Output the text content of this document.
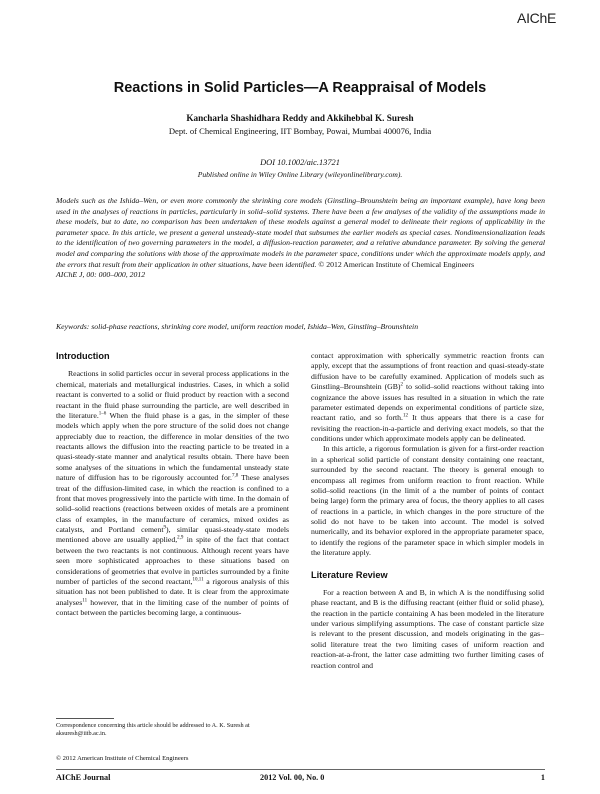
AIChE
Reactions in Solid Particles—A Reappraisal of Models
Kancharla Shashidhara Reddy and Akkihebbal K. Suresh
Dept. of Chemical Engineering, IIT Bombay, Powai, Mumbai 400076, India
DOI 10.1002/aic.13721
Published online in Wiley Online Library (wileyonlinelibrary.com).

Models such as the Ishida–Wen, or even more commonly the shrinking core models (Ginstling–Brounshtein being an important example), have long been used in the analyses of reactions in particles, particularly in solid–solid systems. There have been a few analyses of the validity of the assumptions made in these models, but to date, no comparison has been undertaken of these models against a general model to delineate their regions of applicability in the parameter space. In this article, we present a general unsteady-state model that subsumes the earlier models as special cases. Nondimensionalization leads to the identification of two governing parameters in the model, a diffusion-reaction parameter, and a relative abundance parameter. By solving the general model and comparing the solutions with those of the approximate models in the parameter space, conditions under which the approximate models apply, and the errors that result from their application in other situations, have been identified. © 2012 American Institute of Chemical Engineers
AIChE J, 00: 000–000, 2012

Keywords: solid-phase reactions, shrinking core model, uniform reaction model, Ishida–Wen, Ginstling–Brounshtein

Introduction

Reactions in solid particles occur in several process applications in the chemical, materials and metallurgical industries. Cases, in which a solid reactant is converted to a solid or fluid product by reaction with a second reactant in the fluid phase surrounding the particle, are well described in the literature.$^{1-6}$ When the fluid phase is a gas, in the simpler of these models which apply when the pore structure of the solid does not change appreciably due to reaction, the difference in molar densities of the two reactants allows the diffusion into the reacting particle to be treated in a quasi-steady-state manner and analytical results obtain. There have been some analyses of the situations in which the fundamental unsteady state nature of diffusion has to be rigorously accounted for.$^{7,8}$ These analyses treat of the diffusion-limited case, in which the reaction is confined to a front that moves progressively into the particle with time. In the domain of solid–solid reactions (reactions between oxides of metals are a prominent class of examples, in the manufacture of ceramics, mixed oxides as catalysts, and Portland cement$^9$), similar quasi-steady-state models mentioned above are usually applied,$^{2,9}$ in spite of the fact that contact between the two reactants is not continuous. Although recent years have seen more sophisticated approaches to these situations based on considerations of geometries that evolve in particles surrounded by a finite number of particles of the second reactant,$^{10,11}$ a rigorous analysis of this situation has not been published to date. It is clear from the approximate analyses$^{11}$ however, that in the limiting case of the number of points of contact between the particles becoming large, a continuous-

contact approximation with spherically symmetric reaction fronts can apply, except that the assumptions of front reaction and quasi-steady-state diffusion have to be carefully examined. Application of models such as Ginstling–Brounshtein (GB)$^2$ to solid–solid reactions without taking into cognizance the above issues has resulted in a situation in which the rate parameter estimated depends on experimental conditions of particle size, reactant ratio, and so forth.$^{12}$ It thus appears that there is a case for revisiting the reaction-in-a-particle and deriving exact models, so that the conditions under which approximate models apply can be delineated.

In this article, a rigorous formulation is given for a first-order reaction in a spherical solid particle of constant density containing one reactant, surrounded by the second reactant. The theory is general enough to encompass all regimes from uniform reaction to front reaction. While solid–solid reactions (in the limit of a the number of points of contact being large) form the primary area of focus, the theory applies to all cases of reactions in a particle, in which changes in the pore structure of the solid do not have to be taken into account. The model is solved numerically, and its behavior explored in the appropriate parameter space, to identify the regions of the parameter space in which simpler models in the literature apply.

Literature Review

For a reaction between A and B, in which A is the nondiffusing solid phase reactant, and B is the diffusing reactant (either fluid or solid phase), the reaction in the particle containing A has been modeled in the literature under various simplifying assumptions. The case of constant particle size is relevant to the present discussion, and models originating in the gas–solid literature treat the two limiting cases of uniform reaction and reaction-at-a-front, the latter case admitting two further limiting cases of reaction control and

Correspondence concerning this article should be addressed to A. K. Suresh at aksuresh@iitb.ac.in.

© 2012 American Institute of Chemical Engineers

AIChE Journal	2012 Vol. 00, No. 0	1
